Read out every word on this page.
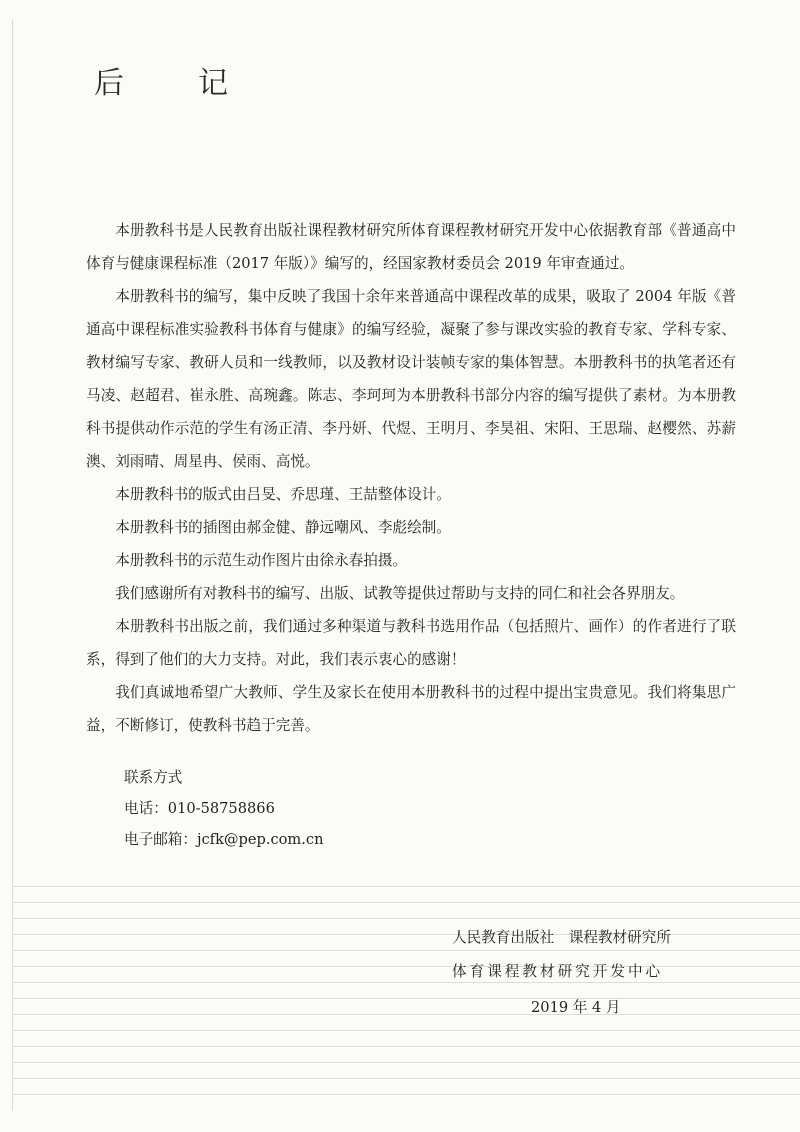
后　记

本册教科书是人民教育出版社课程教材研究所体育课程教材研究开发中心依据教育部《普通高中体育与健康课程标准（2017 年版）》编写的，经国家教材委员会 2019 年审查通过。

本册教科书的编写，集中反映了我国十余年来普通高中课程改革的成果，吸取了 2004 年版《普通高中课程标准实验教科书体育与健康》的编写经验，凝聚了参与课改实验的教育专家、学科专家、教材编写专家、教研人员和一线教师，以及教材设计装帧专家的集体智慧。本册教科书的执笔者还有马凌、赵超君、崔永胜、高琬鑫。陈志、李珂珂为本册教科书部分内容的编写提供了素材。为本册教科书提供动作示范的学生有汤正清、李丹妍、代煜、王明月、李昊祖、宋阳、王思瑞、赵樱然、苏薪澳、刘雨晴、周星冉、侯雨、高悦。

本册教科书的版式由吕旻、乔思瑾、王喆整体设计。

本册教科书的插图由郝金健、静远嘲风、李彪绘制。

本册教科书的示范生动作图片由徐永春拍摄。

我们感谢所有对教科书的编写、出版、试教等提供过帮助与支持的同仁和社会各界朋友。

本册教科书出版之前，我们通过多种渠道与教科书选用作品（包括照片、画作）的作者进行了联系，得到了他们的大力支持。对此，我们表示衷心的感谢！

我们真诚地希望广大教师、学生及家长在使用本册教科书的过程中提出宝贵意见。我们将集思广益，不断修订，使教科书趋于完善。

联系方式
电话：010-58758866
电子邮箱：jcfk@pep.com.cn
人民教育出版社　课程教材研究所
体育课程教材研究开发中心
2019 年 4 月
